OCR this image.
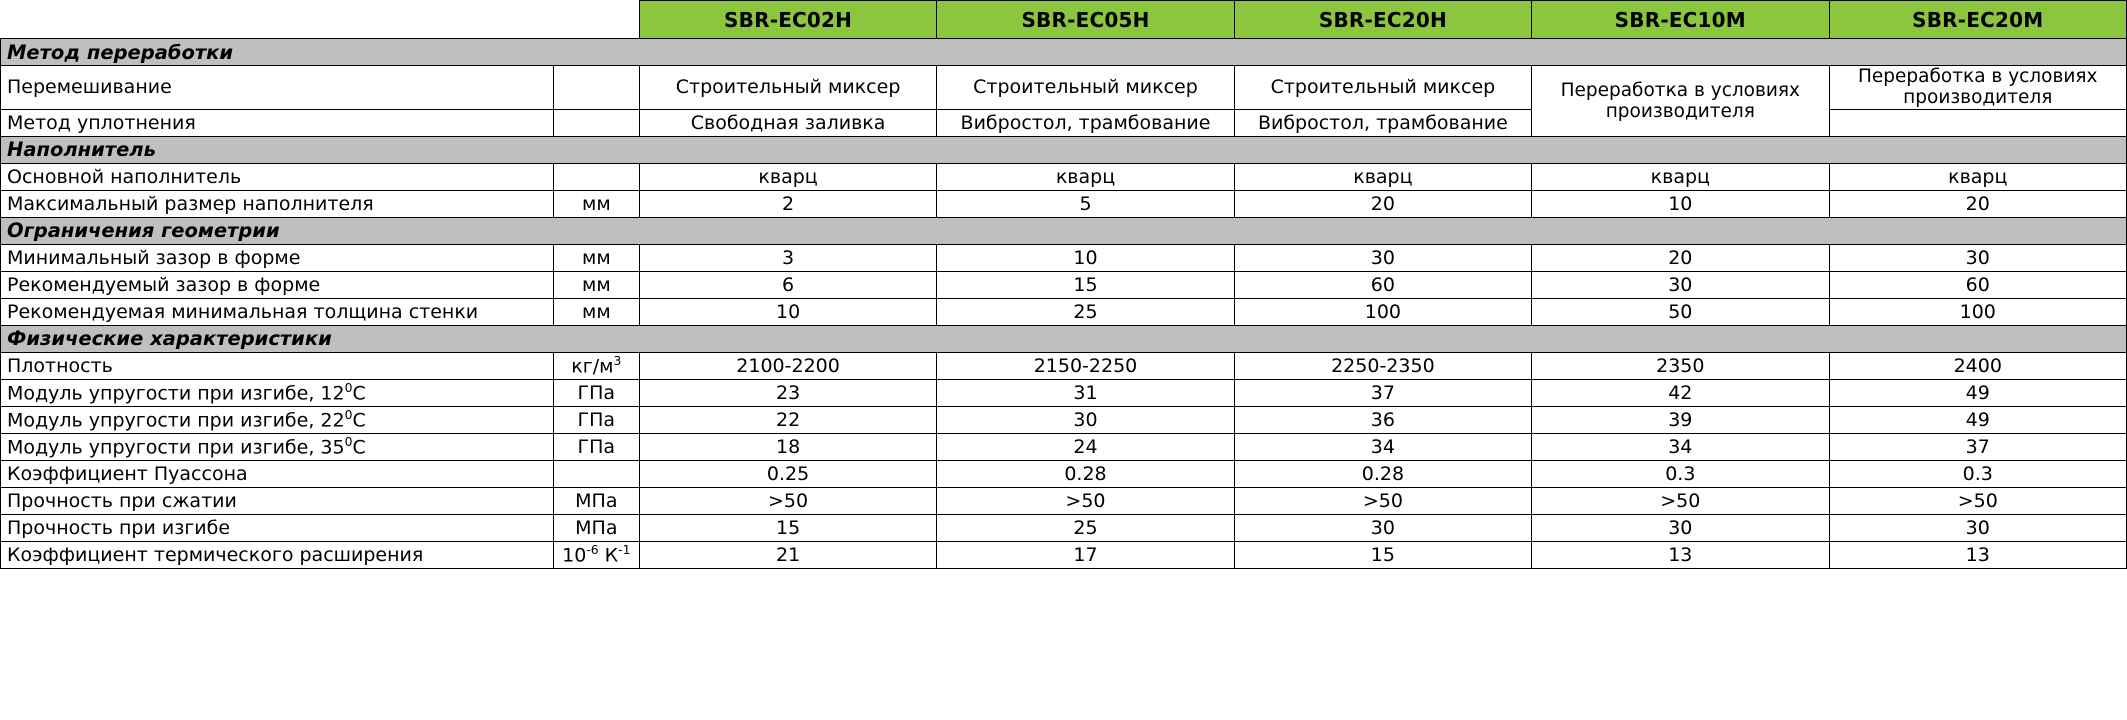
		SBR-EC02H	SBR-EC05H	SBR-EC20H	SBR-EC10M	SBR-EC20M
Метод переработки						
Перемешивание		Строительный миксер	Строительный миксер	Строительный миксер	Переработка в условиях производителя	Переработка в условиях производителя
Метод уплотнения		Свободная заливка	Вибростол, трамбование	Вибростол, трамбование		
Наполнитель						
Основной наполнитель		кварц	кварц	кварц	кварц	кварц
Максимальный размер наполнителя	мм	2	5	20	10	20
Ограничения геометрии						
Минимальный зазор в форме	мм	3	10	30	20	30
Рекомендуемый зазор в форме	мм	6	15	60	30	60
Рекомендуемая минимальная толщина стенки	мм	10	25	100	50	100
Физические характеристики						
Плотность	$кг/м^3$	2100-2200	2150-2250	2250-2350	2350	2400
Модуль упругости при изгибе, $12^0С$	ГПа	23	31	37	42	49
Модуль упругости при изгибе, $22^0С$	ГПа	22	30	36	39	49
Модуль упругости при изгибе, $35^0С$	ГПа	18	24	34	34	37
Коэффициент Пуассона		0.25	0.28	0.28	0.3	0.3
Прочность при сжатии	МПа	>50	>50	>50	>50	>50
Прочность при изгибе	МПа	15	25	30	30	30
Коэффициент термического расширения	$10^{-6}$ $К^{-1}$	21	17	15	13	13
